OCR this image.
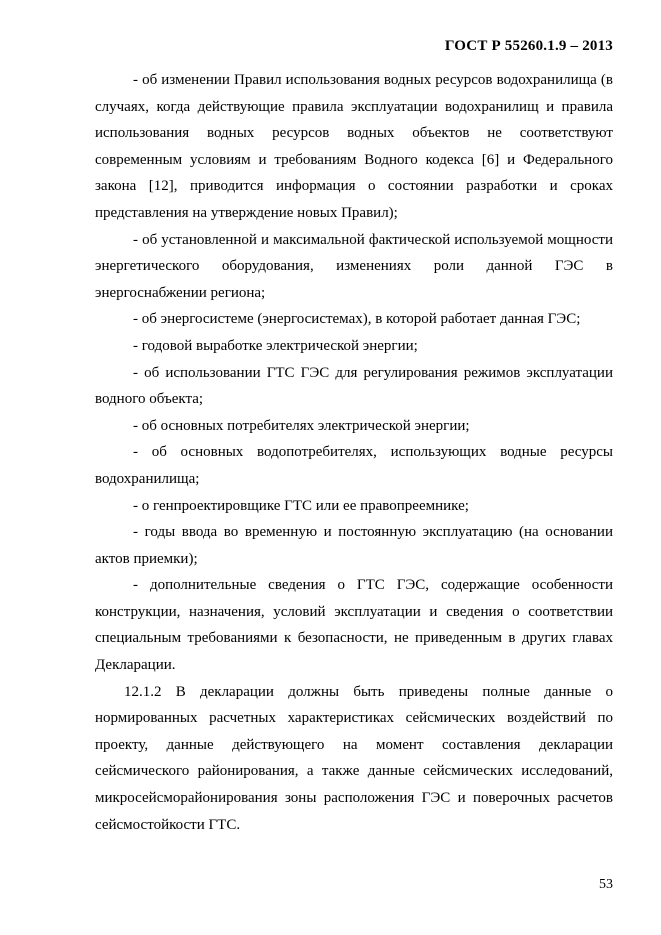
ГОСТ Р 55260.1.9 – 2013

- об изменении Правил использования водных ресурсов водохранилища (в случаях, когда действующие правила эксплуатации водохранилищ и правила использования водных ресурсов водных объектов не соответствуют современным условиям и требованиям Водного кодекса [6] и Федерального закона [12], приводится информация о состоянии разработки и сроках представления на утверждение новых Правил);

- об установленной и максимальной фактической используемой мощности энергетического оборудования, изменениях роли данной ГЭС в энергоснабжении региона;

- об энергосистеме (энергосистемах), в которой работает данная ГЭС;

- годовой выработке электрической энергии;

- об использовании ГТС ГЭС для регулирования режимов эксплуатации водного объекта;

- об основных потребителях электрической энергии;

- об основных водопотребителях, использующих водные ресурсы водохранилища;

- о генпроектировщике ГТС или ее правопреемнике;

- годы ввода во временную и постоянную эксплуатацию (на основании актов приемки);

- дополнительные сведения о ГТС ГЭС, содержащие особенности конструкции, назначения, условий эксплуатации и сведения о соответствии специальным требованиями к безопасности, не приведенным в других главах Декларации.

12.1.2 В декларации должны быть приведены полные данные о нормированных расчетных характеристиках сейсмических воздействий по проекту, данные действующего на момент составления декларации сейсмического районирования, а также данные сейсмических исследований, микросейсморайонирования зоны расположения ГЭС и поверочных расчетов сейсмостойкости ГТС.

53
